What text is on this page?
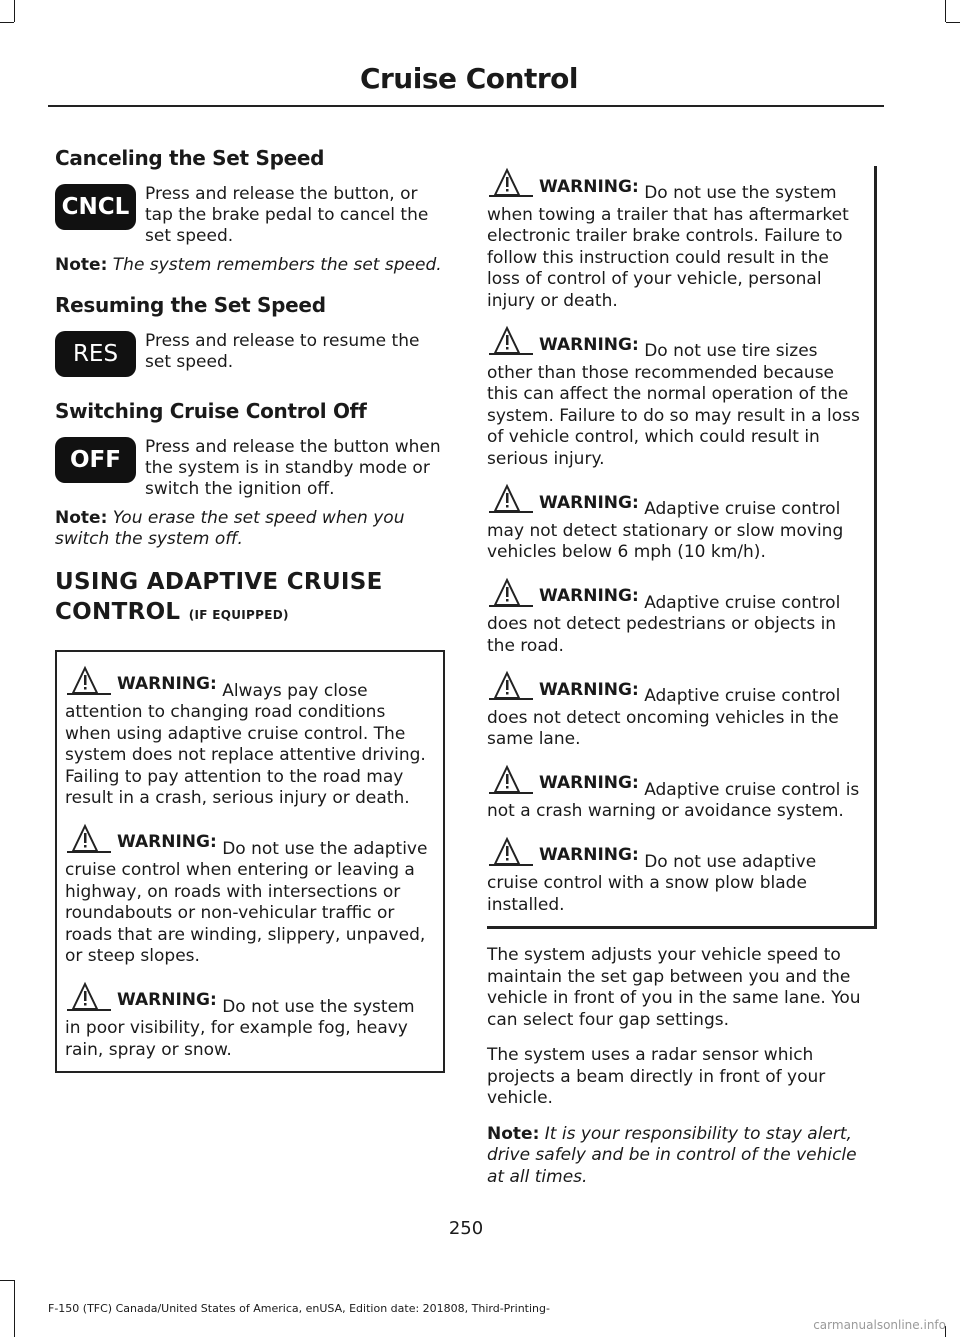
Cruise Control
Canceling the Set Speed
CNCL Press and release the button, or tap the brake pedal to cancel the set speed.

Note: The system remembers the set speed.

Resuming the Set Speed
RES	Press and release to resume the set speed.
Switching Cruise Control Off
OFF	Press and release the button when the system is in standby mode or switch the ignition off.

Note: You erase the set speed when you switch the system off.

USING ADAPTIVE CRUISE
CONTROL (IF EQUIPPED)
WARNING: Always pay close attention to changing road conditions when using adaptive cruise control. The system does not replace attentive driving. Failing to pay attention to the road may result in a crash, serious injury or death.
WARNING: Do not use the adaptive cruise control when entering or leaving a highway, on roads with intersections or roundabouts or non-vehicular traffic or roads that are winding, slippery, unpaved, or steep slopes.
WARNING: Do not use the system in poor visibility, for example fog, heavy rain, spray or snow.
WARNING: Do not use the system when towing a trailer that has aftermarket electronic trailer brake controls. Failure to follow this instruction could result in the loss of control of your vehicle, personal injury or death.
WARNING: Do not use tire sizes other than those recommended because this can affect the normal operation of the system. Failure to do so may result in a loss of vehicle control, which could result in serious injury.
WARNING: Adaptive cruise control may not detect stationary or slow moving vehicles below 6 mph (10 km/h).
WARNING: Adaptive cruise control does not detect pedestrians or objects in the road.
WARNING: Adaptive cruise control does not detect oncoming vehicles in the same lane.
WARNING: Adaptive cruise control is not a crash warning or avoidance system.
WARNING: Do not use adaptive cruise control with a snow plow blade installed.

The system adjusts your vehicle speed to maintain the set gap between you and the vehicle in front of you in the same lane. You can select four gap settings.

The system uses a radar sensor which projects a beam directly in front of your vehicle.

Note: It is your responsibility to stay alert, drive safely and be in control of the vehicle at all times.

250
F-150 (TFC) Canada/United States of America, enUSA, Edition date: 201808, Third-Printing-
carmanualsonline.info
